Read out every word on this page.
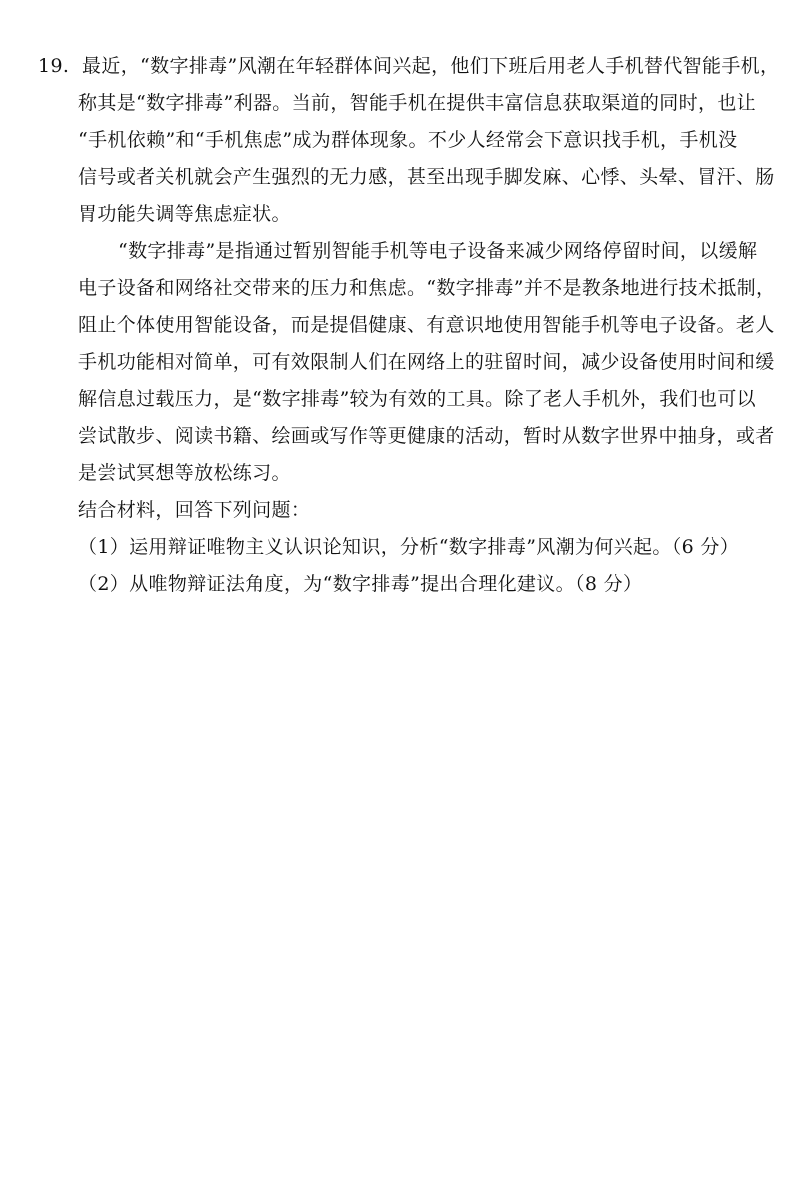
19. 最近，“数字排毒”风潮在年轻群体间兴起，他们下班后用老人手机替代智能手机，
称其是“数字排毒”利器。当前，智能手机在提供丰富信息获取渠道的同时，也让
“手机依赖”和“手机焦虑”成为群体现象。不少人经常会下意识找手机，手机没
信号或者关机就会产生强烈的无力感，甚至出现手脚发麻、心悸、头晕、冒汗、肠
胃功能失调等焦虑症状。
“数字排毒”是指通过暂别智能手机等电子设备来减少网络停留时间，以缓解
电子设备和网络社交带来的压力和焦虑。“数字排毒”并不是教条地进行技术抵制，
阻止个体使用智能设备，而是提倡健康、有意识地使用智能手机等电子设备。老人
手机功能相对简单，可有效限制人们在网络上的驻留时间，减少设备使用时间和缓
解信息过载压力，是“数字排毒”较为有效的工具。除了老人手机外，我们也可以
尝试散步、阅读书籍、绘画或写作等更健康的活动，暂时从数字世界中抽身，或者
是尝试冥想等放松练习。
结合材料，回答下列问题：
（1）运用辩证唯物主义认识论知识，分析“数字排毒”风潮为何兴起。（6 分）
（2）从唯物辩证法角度，为“数字排毒”提出合理化建议。（8 分）
